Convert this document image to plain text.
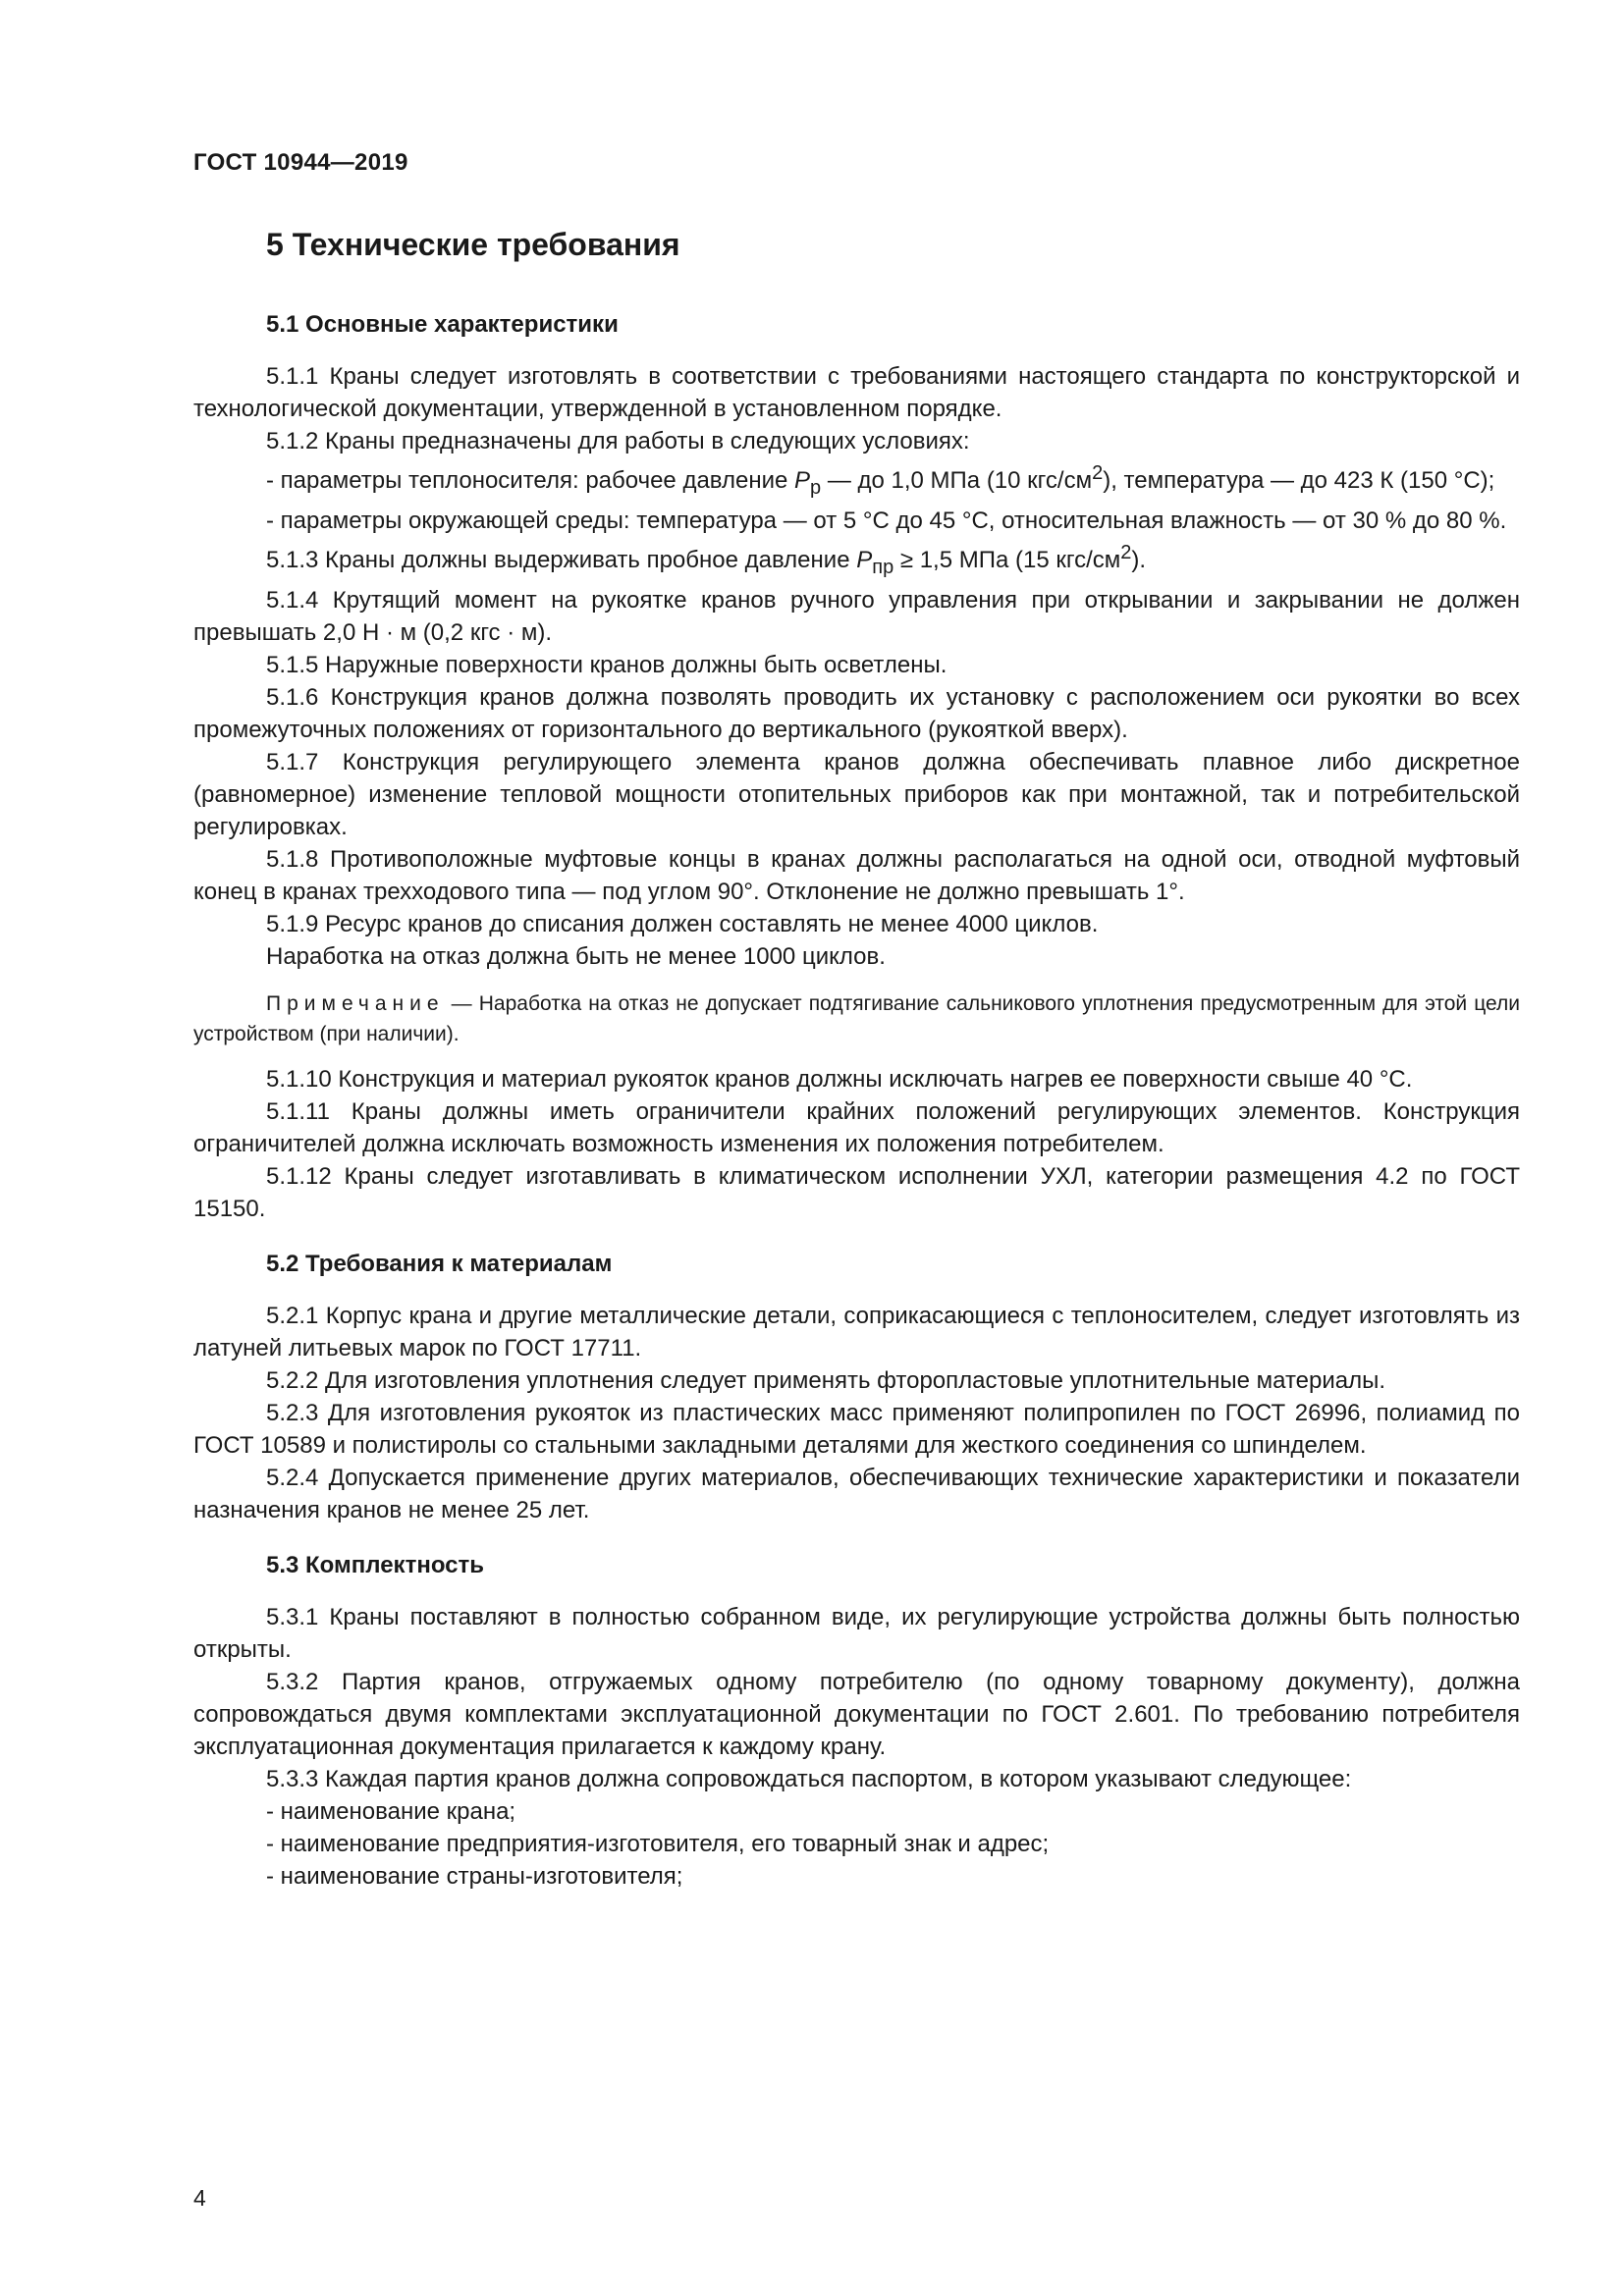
ГОСТ 10944—2019
5 Технические требования
5.1 Основные характеристики

5.1.1 Краны следует изготовлять в соответствии с требованиями настоящего стандарта по конструкторской и технологической документации, утвержденной в установленном порядке.

5.1.2 Краны предназначены для работы в следующих условиях:

- параметры теплоносителя: рабочее давление $P_р$ — до 1,0 МПа (10 кгс/$см^2$), температура — до 423 К (150 °С);

- параметры окружающей среды: температура — от 5 °С до 45 °С, относительная влажность — от 30 % до 80 %.

5.1.3 Краны должны выдерживать пробное давление $P_{пр} \ge 1,5$ МПа (15 кгс/$см^2$).

5.1.4 Крутящий момент на рукоятке кранов ручного управления при открывании и закрывании не должен превышать 2,0 Н · м (0,2 кгс · м).

5.1.5 Наружные поверхности кранов должны быть осветлены.

5.1.6 Конструкция кранов должна позволять проводить их установку с расположением оси рукоятки во всех промежуточных положениях от горизонтального до вертикального (рукояткой вверх).

5.1.7 Конструкция регулирующего элемента кранов должна обеспечивать плавное либо дискретное (равномерное) изменение тепловой мощности отопительных приборов как при монтажной, так и потребительской регулировках.

5.1.8 Противоположные муфтовые концы в кранах должны располагаться на одной оси, отводной муфтовый конец в кранах трехходового типа — под углом 90°. Отклонение не должно превышать 1°.

5.1.9 Ресурс кранов до списания должен составлять не менее 4000 циклов.

Наработка на отказ должна быть не менее 1000 циклов.

Примечание — Наработка на отказ не допускает подтягивание сальникового уплотнения предусмотренным для этой цели устройством (при наличии).

5.1.10 Конструкция и материал рукояток кранов должны исключать нагрев ее поверхности свыше 40 °С.

5.1.11 Краны должны иметь ограничители крайних положений регулирующих элементов. Конструкция ограничителей должна исключать возможность изменения их положения потребителем.

5.1.12 Краны следует изготавливать в климатическом исполнении УХЛ, категории размещения 4.2 по ГОСТ 15150.

5.2 Требования к материалам

5.2.1 Корпус крана и другие металлические детали, соприкасающиеся с теплоносителем, следует изготовлять из латуней литьевых марок по ГОСТ 17711.

5.2.2 Для изготовления уплотнения следует применять фторопластовые уплотнительные материалы.

5.2.3 Для изготовления рукояток из пластических масс применяют полипропилен по ГОСТ 26996, полиамид по ГОСТ 10589 и полистиролы со стальными закладными деталями для жесткого соединения со шпинделем.

5.2.4 Допускается применение других материалов, обеспечивающих технические характеристики и показатели назначения кранов не менее 25 лет.

5.3 Комплектность

5.3.1 Краны поставляют в полностью собранном виде, их регулирующие устройства должны быть полностью открыты.

5.3.2 Партия кранов, отгружаемых одному потребителю (по одному товарному документу), должна сопровождаться двумя комплектами эксплуатационной документации по ГОСТ 2.601. По требованию потребителя эксплуатационная документация прилагается к каждому крану.

5.3.3 Каждая партия кранов должна сопровождаться паспортом, в котором указывают следующее:

- наименование крана;

- наименование предприятия-изготовителя, его товарный знак и адрес;

- наименование страны-изготовителя;

4
